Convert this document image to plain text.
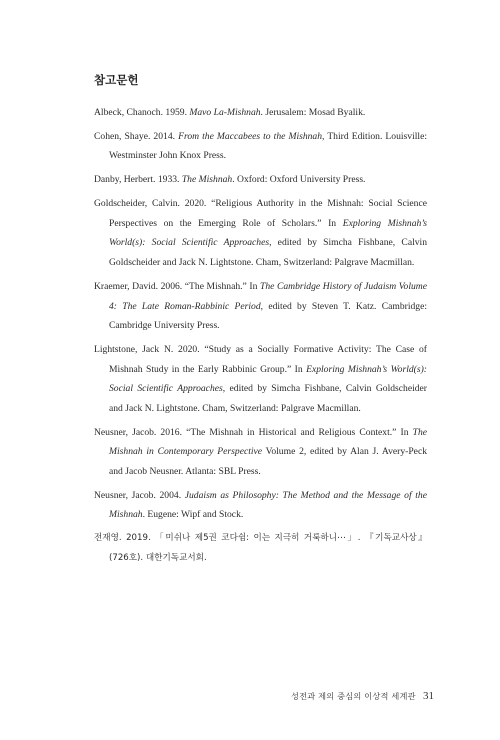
참고문헌
Albeck, Chanoch. 1959. Mavo La-Mishnah. Jerusalem: Mosad Byalik.
Cohen, Shaye. 2014. From the Maccabees to the Mishnah, Third Edition. Louisville: Westminster John Knox Press.
Danby, Herbert. 1933. The Mishnah. Oxford: Oxford University Press.
Goldscheider, Calvin. 2020. “Religious Authority in the Mishnah: Social Science Perspectives on the Emerging Role of Scholars.” In Exploring Mishnah’s World(s): Social Scientific Approaches, edited by Simcha Fishbane, Calvin Goldscheider and Jack N. Lightstone. Cham, Switzerland: Palgrave Macmillan.
Kraemer, David. 2006. “The Mishnah.” In The Cambridge History of Judaism Volume 4: The Late Roman-Rabbinic Period, edited by Steven T. Katz. Cambridge: Cambridge University Press.
Lightstone, Jack N. 2020. “Study as a Socially Formative Activity: The Case of Mishnah Study in the Early Rabbinic Group.” In Exploring Mishnah’s World(s): Social Scientific Approaches, edited by Simcha Fishbane, Calvin Goldscheider and Jack N. Lightstone. Cham, Switzerland: Palgrave Macmillan.
Neusner, Jacob. 2016. “The Mishnah in Historical and Religious Context.” In The Mishnah in Contemporary Perspective Volume 2, edited by Alan J. Avery-Peck and Jacob Neusner. Atlanta: SBL Press.
Neusner, Jacob. 2004. Judaism as Philosophy: The Method and the Message of the Mishnah. Eugene: Wipf and Stock.
전재영. 2019. 「미쉬나 제5권 코다쉼: 이는 지극히 거룩하니⋯」. 『기독교사상』 (726호). 대한기독교서회.
성전과 제의 중심의 이상적 세계관 31
